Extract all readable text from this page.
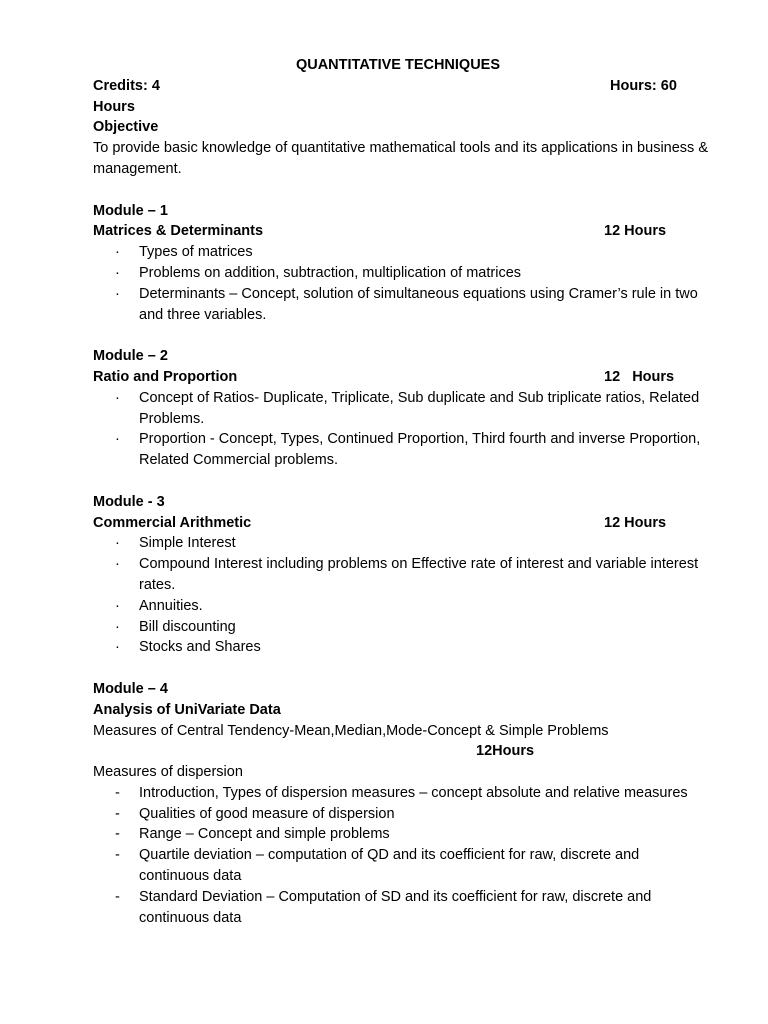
QUANTITATIVE TECHNIQUES
Credits: 4	Hours: 60
Hours
Objective
To provide basic knowledge of quantitative mathematical tools and its applications in business & management.
Module – 1
Matrices & Determinants	12 Hours
·	Types of matrices
·	Problems on addition, subtraction, multiplication of matrices
·	Determinants – Concept, solution of simultaneous equations using Cramer’s rule in two and three variables.
Module – 2
Ratio and Proportion	12   Hours
·	Concept of Ratios- Duplicate, Triplicate, Sub duplicate and Sub triplicate ratios, Related Problems.
·	Proportion - Concept, Types, Continued Proportion, Third fourth and inverse Proportion, Related Commercial problems.
Module - 3
Commercial Arithmetic	12 Hours
·	Simple Interest
·	Compound Interest including problems on Effective rate of interest and variable interest rates.
·	Annuities.
·	Bill discounting
·	Stocks and Shares
Module – 4
Analysis of UniVariate Data
Measures of Central Tendency-Mean,Median,Mode-Concept & Simple Problems
12Hours
Measures of dispersion
-	Introduction, Types of dispersion measures – concept absolute and relative measures
-	Qualities of good measure of dispersion
-	Range – Concept and simple problems
-	Quartile deviation – computation of QD and its coefficient for raw, discrete and continuous data
-	Standard Deviation – Computation of SD and its coefficient for raw, discrete and continuous data
